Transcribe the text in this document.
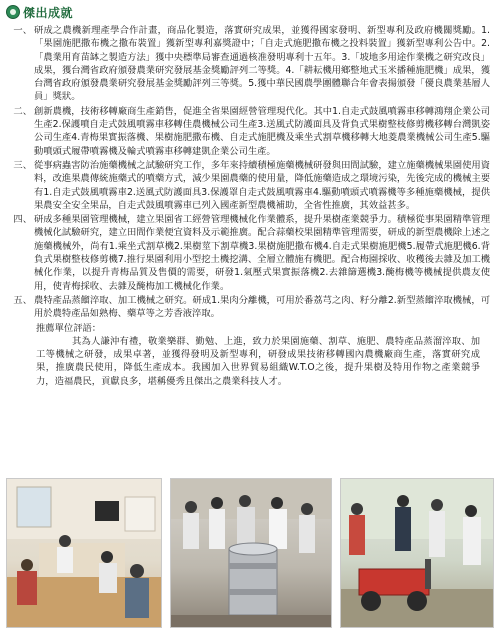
傑出成就
一、 研成之農機新理產學合作計畫，商品化製造，落實研究成果，並獲得國家發明、新型專利及政府機關獎勵。1.「果園施肥撒布機之撒布裝置」獲新型專利嘉獎證中；「自走式施肥撒布機之投料裝置」獲新型專利公告中。2.「農業用育苗缽之製造方法」獲中央標準局審查通過核准發明專利十五年。3.「坡地多用途作業機之研究改良」成果，獲台灣省政府頒發農業研究發展基金獎勵評列二等獎。4.「耕耘機用鄉整地式玉米播種施肥機」成果，獲台灣省政府頒發農業研究發展基金獎勵評列三等獎。5.獲中華民國農學團體聯合年會表揚頒發「優良農業基層人員」獎狀。
二、 創新農機，技術移轉廠商生產銷售，促進全省果園經營管理現代化。其中1.自走式鼓風噴霧車移轉鴻翔企業公司生產2.保護噴自走式鼓風噴霧車移轉佳農機械公司生產3.送風式防護面具及背負式果樹整枝修剪機移轉台灣凱姿公司生產4.青梅果實振落機、果樹施肥撒布機、自走式施肥機及乘坐式割草機移轉大地菱農業機械公司生產5.驅動噴頭式履帶噴霧機及輪式噴霧車移轉建凱企業公司生產。
三、 從事病蟲害防治施藥機械之試驗研究工作，多年來持續積極施藥機械研發與田間試驗，建立施藥機械果園使用資料，改進果農傳統施藥式的噴藥方式，減少果園農藥的使用量，降低施藥造成之環境污染，先後完成的機械主要有1.自走式鼓風噴霧車2.送風式防護面具3.保護罩自走式鼓風噴霧車4.驅動噴頭式噴霧機等多種施藥機械，提供果農安全安全果品，自走式鼓風噴霧車已列入國產新型農機補助，全省性推廣，其效益甚多。
四、 研成多種果園管理機械，建立果園省工經營管理機械化作業體系，提升果樹產業競爭力。積極從事果園精準管理機械化試驗研究，建立田間作業便宜資料及示範推廣。配合蒜藥校果園精準管理需要，研成的新型農機除上述之施藥機械外，尚有1.乘坐式割草機2.果樹莖下割草機3.果樹施肥撒布機4.自走式果樹施肥機5.履帶式施肥機6.背負式果樹整枝修剪機7.推行果園利用小型挖土機挖溝、全層立體施有機肥。配合梅園採收、收穫後去雜及加工機械化作業，以提升青梅品質及售價的需要，研發1.氣壓式果實振落機2.去雜篩選機3.醃梅機等機械提供農友使用，使青梅採收、去雜及醃梅加工機械化作業。
五、 農特產品蒸餾淬取、加工機械之研究。研成1.果肉分離機，可用於番荔芎之肉、籽分離2.新型蒸餾淬取機械，可用於農特產品如熟梅、藥草等之芳香液淬取。
推薦單位評語：
其為人謙沖有禮，敬業樂群、勤勉、上進，致力於果園施藥、割草、施肥、農特產品蒸溜淬取、加工等機械之研發，成果卓著，並獲得發明及新型專利，研發成果技術移轉國內農機廠商生產，落實研究成果，推廣農民使用，降低生產成本。我國加入世界貿易組織W.T.O之後，提升果樹及特用作物之產業競爭力，造福農民，貢獻良多，堪稱優秀且傑出之農業科技人才。
